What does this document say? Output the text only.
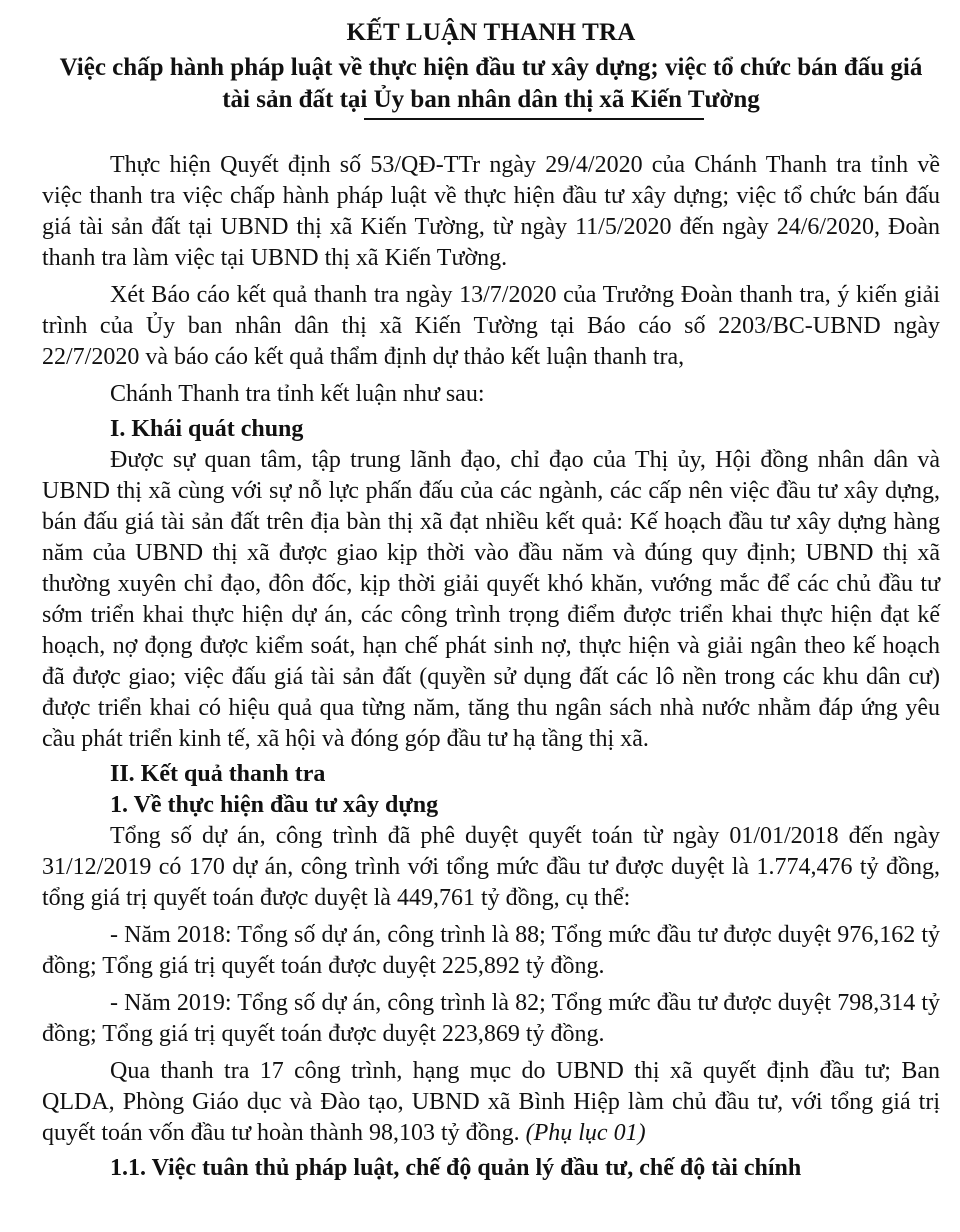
KẾT LUẬN THANH TRA
Việc chấp hành pháp luật về thực hiện đầu tư xây dựng; việc tổ chức bán đấu giá tài sản đất tại Ủy ban nhân dân thị xã Kiến Tường

Thực hiện Quyết định số 53/QĐ-TTr ngày 29/4/2020 của Chánh Thanh tra tỉnh về việc thanh tra việc chấp hành pháp luật về thực hiện đầu tư xây dựng; việc tổ chức bán đấu giá tài sản đất tại UBND thị xã Kiến Tường, từ ngày 11/5/2020 đến ngày 24/6/2020, Đoàn thanh tra làm việc tại UBND thị xã Kiến Tường.

Xét Báo cáo kết quả thanh tra ngày 13/7/2020 của Trưởng Đoàn thanh tra, ý kiến giải trình của Ủy ban nhân dân thị xã Kiến Tường tại Báo cáo số 2203/BC-UBND ngày 22/7/2020 và báo cáo kết quả thẩm định dự thảo kết luận thanh tra,

Chánh Thanh tra tỉnh kết luận như sau:

I. Khái quát chung

Được sự quan tâm, tập trung lãnh đạo, chỉ đạo của Thị ủy, Hội đồng nhân dân và UBND thị xã cùng với sự nỗ lực phấn đấu của các ngành, các cấp nên việc đầu tư xây dựng, bán đấu giá tài sản đất trên địa bàn thị xã đạt nhiều kết quả: Kế hoạch đầu tư xây dựng hàng năm của UBND thị xã được giao kịp thời vào đầu năm và đúng quy định; UBND thị xã thường xuyên chỉ đạo, đôn đốc, kịp thời giải quyết khó khăn, vướng mắc để các chủ đầu tư sớm triển khai thực hiện dự án, các công trình trọng điểm được triển khai thực hiện đạt kế hoạch, nợ đọng được kiểm soát, hạn chế phát sinh nợ, thực hiện và giải ngân theo kế hoạch đã được giao; việc đấu giá tài sản đất (quyền sử dụng đất các lô nền trong các khu dân cư) được triển khai có hiệu quả qua từng năm, tăng thu ngân sách nhà nước nhằm đáp ứng yêu cầu phát triển kinh tế, xã hội và đóng góp đầu tư hạ tầng thị xã.

II. Kết quả thanh tra
1. Về thực hiện đầu tư xây dựng

Tổng số dự án, công trình đã phê duyệt quyết toán từ ngày 01/01/2018 đến ngày 31/12/2019 có 170 dự án, công trình với tổng mức đầu tư được duyệt là 1.774,476 tỷ đồng, tổng giá trị quyết toán được duyệt là 449,761 tỷ đồng, cụ thể:

- Năm 2018: Tổng số dự án, công trình là 88; Tổng mức đầu tư được duyệt 976,162 tỷ đồng; Tổng giá trị quyết toán được duyệt 225,892 tỷ đồng.

- Năm 2019: Tổng số dự án, công trình là 82; Tổng mức đầu tư được duyệt 798,314 tỷ đồng; Tổng giá trị quyết toán được duyệt 223,869 tỷ đồng.

Qua thanh tra 17 công trình, hạng mục do UBND thị xã quyết định đầu tư; Ban QLDA, Phòng Giáo dục và Đào tạo, UBND xã Bình Hiệp làm chủ đầu tư, với tổng giá trị quyết toán vốn đầu tư hoàn thành 98,103 tỷ đồng. (Phụ lục 01)

1.1. Việc tuân thủ pháp luật, chế độ quản lý đầu tư, chế độ tài chính
